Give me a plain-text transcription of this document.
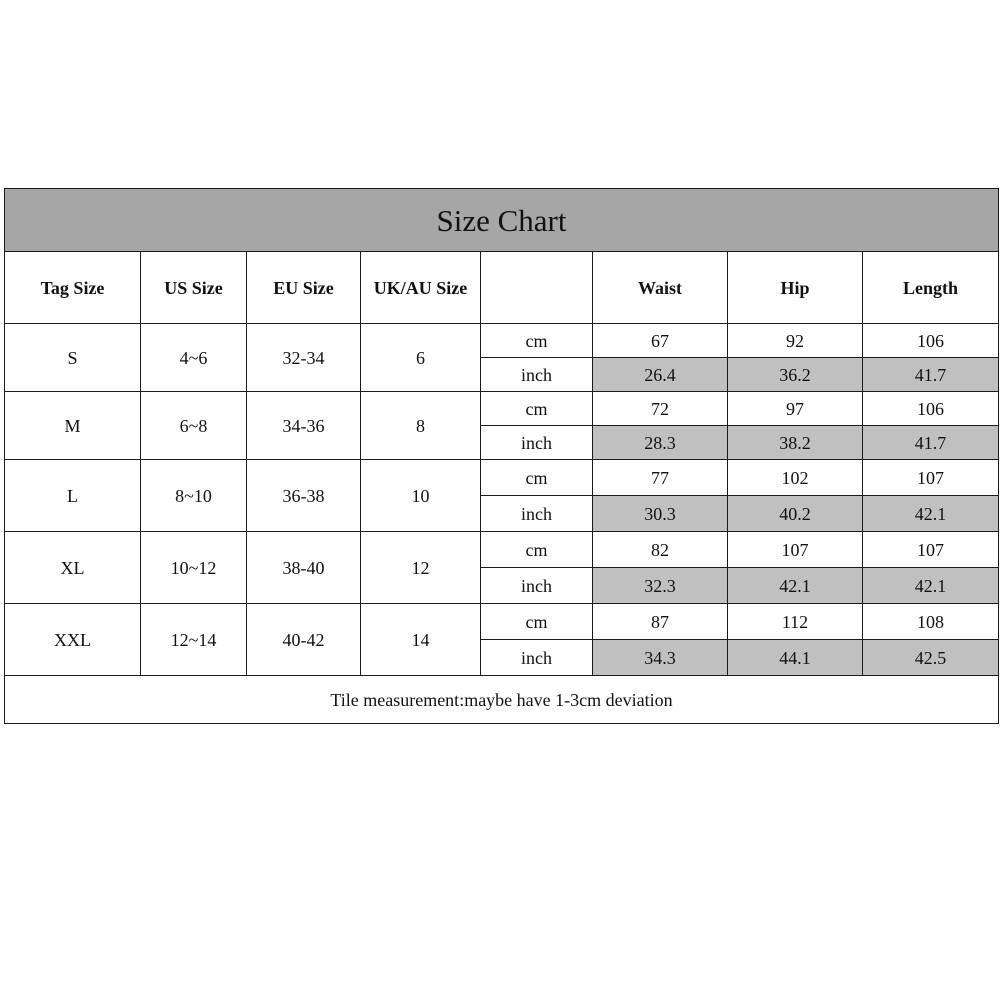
Size Chart							
Tag Size	US Size	EU Size	UK/AU Size		Waist	Hip	Length
S	4~6	32-34	6	cm	67	92	106
				inch	26.4	36.2	41.7
M	6~8	34-36	8	cm	72	97	106
				inch	28.3	38.2	41.7
L	8~10	36-38	10	cm	77	102	107
				inch	30.3	40.2	42.1
XL	10~12	38-40	12	cm	82	107	107
				inch	32.3	42.1	42.1
XXL	12~14	40-42	14	cm	87	112	108
				inch	34.3	44.1	42.5
Tile measurement:maybe have 1-3cm deviation							
